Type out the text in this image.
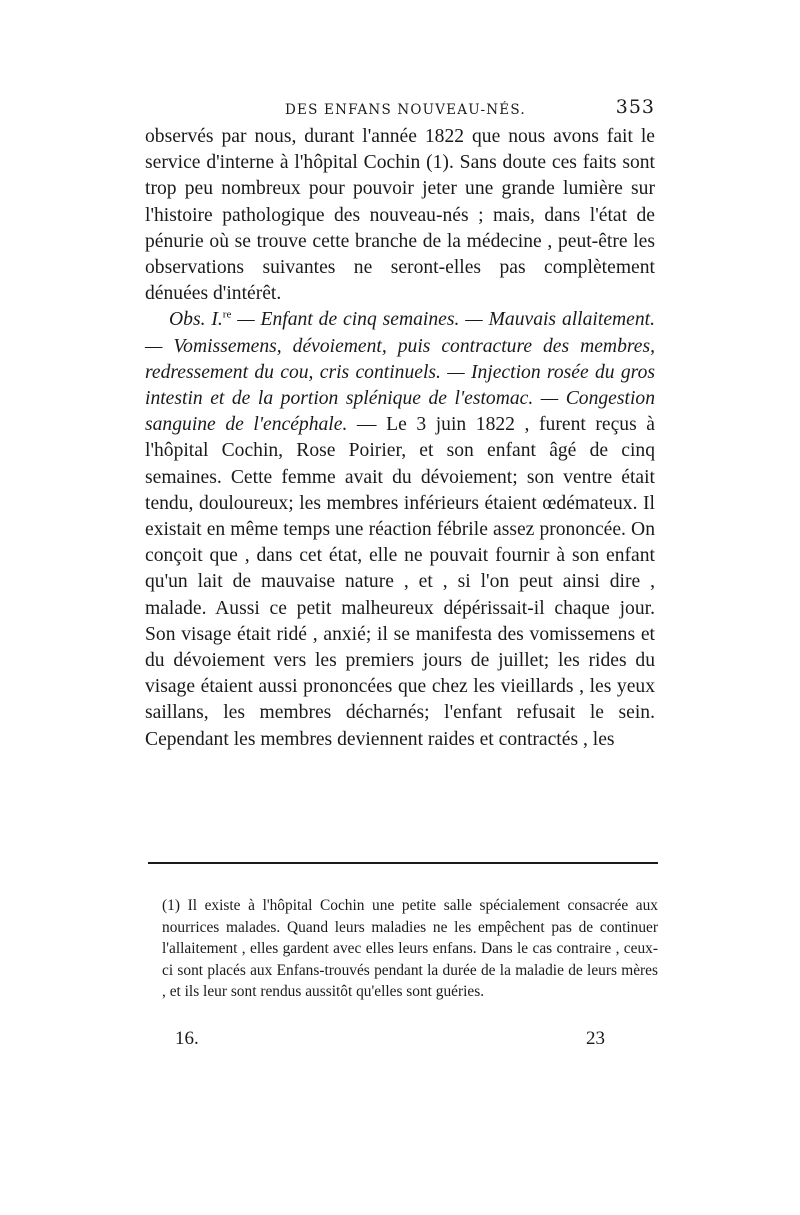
DES ENFANS NOUVEAU-NÉS.	353

observés par nous, durant l'année 1822 que nous avons fait le service d'interne à l'hôpital Cochin (1). Sans doute ces faits sont trop peu nombreux pour pouvoir jeter une grande lumière sur l'histoire pathologique des nouveau-nés ; mais, dans l'état de pénurie où se trouve cette branche de la médecine , peut-être les observations suivantes ne seront-elles pas complètement dénuées d'intérêt.

Obs. I.$^{re}$ — Enfant de cinq semaines. — Mauvais allaitement. — Vomissemens, dévoiement, puis contracture des membres, redressement du cou, cris continuels. — Injection rosée du gros intestin et de la portion splénique de l'estomac. — Congestion sanguine de l'encéphale. — Le 3 juin 1822 , furent reçus à l'hôpital Cochin, Rose Poirier, et son enfant âgé de cinq semaines. Cette femme avait du dévoiement; son ventre était tendu, douloureux; les membres inférieurs étaient œdémateux. Il existait en même temps une réaction fébrile assez prononcée. On conçoit que , dans cet état, elle ne pouvait fournir à son enfant qu'un lait de mauvaise nature , et , si l'on peut ainsi dire , malade. Aussi ce petit malheureux dépérissait-il chaque jour. Son visage était ridé , anxié; il se manifesta des vomissemens et du dévoiement vers les premiers jours de juillet; les rides du visage étaient aussi prononcées que chez les vieillards , les yeux saillans, les membres décharnés; l'enfant refusait le sein. Cependant les membres deviennent raides et contractés , les

(1) Il existe à l'hôpital Cochin une petite salle spécialement consacrée aux nourrices malades. Quand leurs maladies ne les empêchent pas de continuer l'allaitement , elles gardent avec elles leurs enfans. Dans le cas contraire , ceux-ci sont placés aux Enfans-trouvés pendant la durée de la maladie de leurs mères , et ils leur sont rendus aussitôt qu'elles sont guéries.

16.	23
